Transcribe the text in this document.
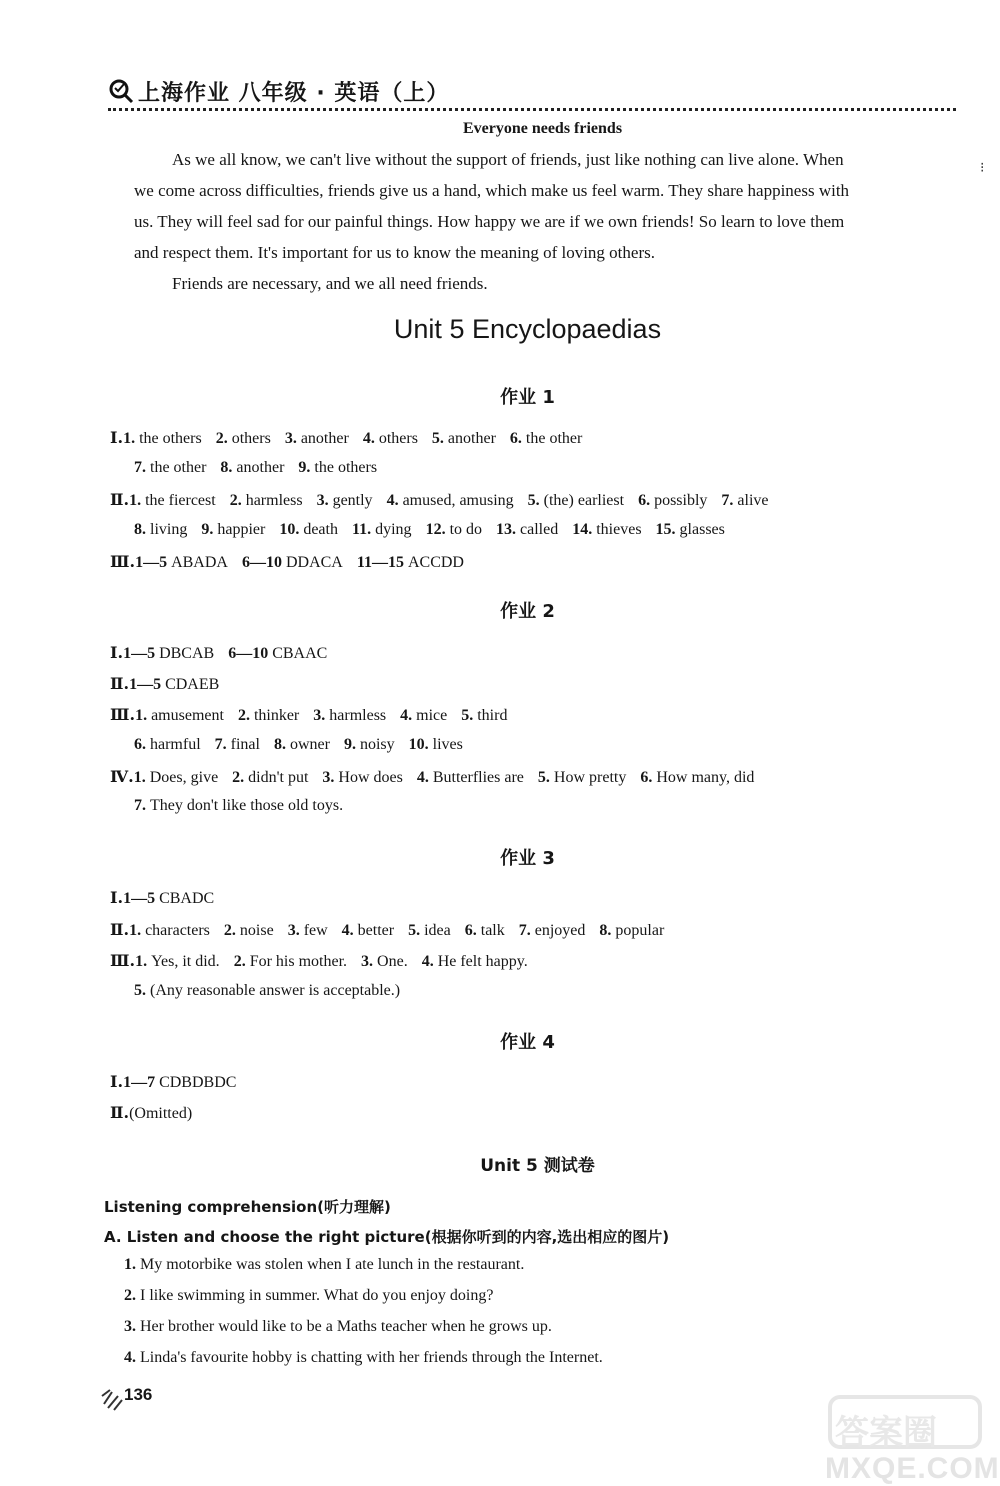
上海作业 八年级 · 英语（上）
Everyone needs friends
As we all know, we can't live without the support of friends, just like nothing can live alone. When
we come across difficulties, friends give us a hand, which make us feel warm. They share happiness with
us. They will feel sad for our painful things. How happy we are if we own friends! So learn to love them
and respect them. It's important for us to know the meaning of loving others.
Friends are necessary, and we all need friends.
⁝
Unit 5 Encyclopaedias
作业 1
Ⅰ.1. the others 2. others 3. another 4. others 5. another 6. the other
7. the other 8. another 9. the others
Ⅱ.1. the fiercest 2. harmless 3. gently 4. amused, amusing 5. (the) earliest 6. possibly 7. alive
8. living 9. happier 10. death 11. dying 12. to do 13. called 14. thieves 15. glasses
Ⅲ.1—5 ABADA 6—10 DDACA 11—15 ACCDD
作业 2
Ⅰ.1—5 DBCAB 6—10 CBAAC
Ⅱ.1—5 CDAEB
Ⅲ.1. amusement 2. thinker 3. harmless 4. mice 5. third
6. harmful 7. final 8. owner 9. noisy 10. lives
Ⅳ.1. Does, give 2. didn't put 3. How does 4. Butterflies are 5. How pretty 6. How many, did
7. They don't like those old toys.
作业 3
Ⅰ.1—5 CBADC
Ⅱ.1. characters 2. noise 3. few 4. better 5. idea 6. talk 7. enjoyed 8. popular
Ⅲ.1. Yes, it did. 2. For his mother. 3. One. 4. He felt happy.
5. (Any reasonable answer is acceptable.)
作业 4
Ⅰ.1—7 CDBDBDC
Ⅱ.(Omitted)
Unit 5 测试卷
Listening comprehension(听力理解)
A. Listen and choose the right picture(根据你听到的内容,选出相应的图片)
1. My motorbike was stolen when I ate lunch in the restaurant.
2. I like swimming in summer. What do you enjoy doing?
3. Her brother would like to be a Maths teacher when he grows up.
4. Linda's favourite hobby is chatting with her friends through the Internet.
136
答案圈
MXQE.COM
